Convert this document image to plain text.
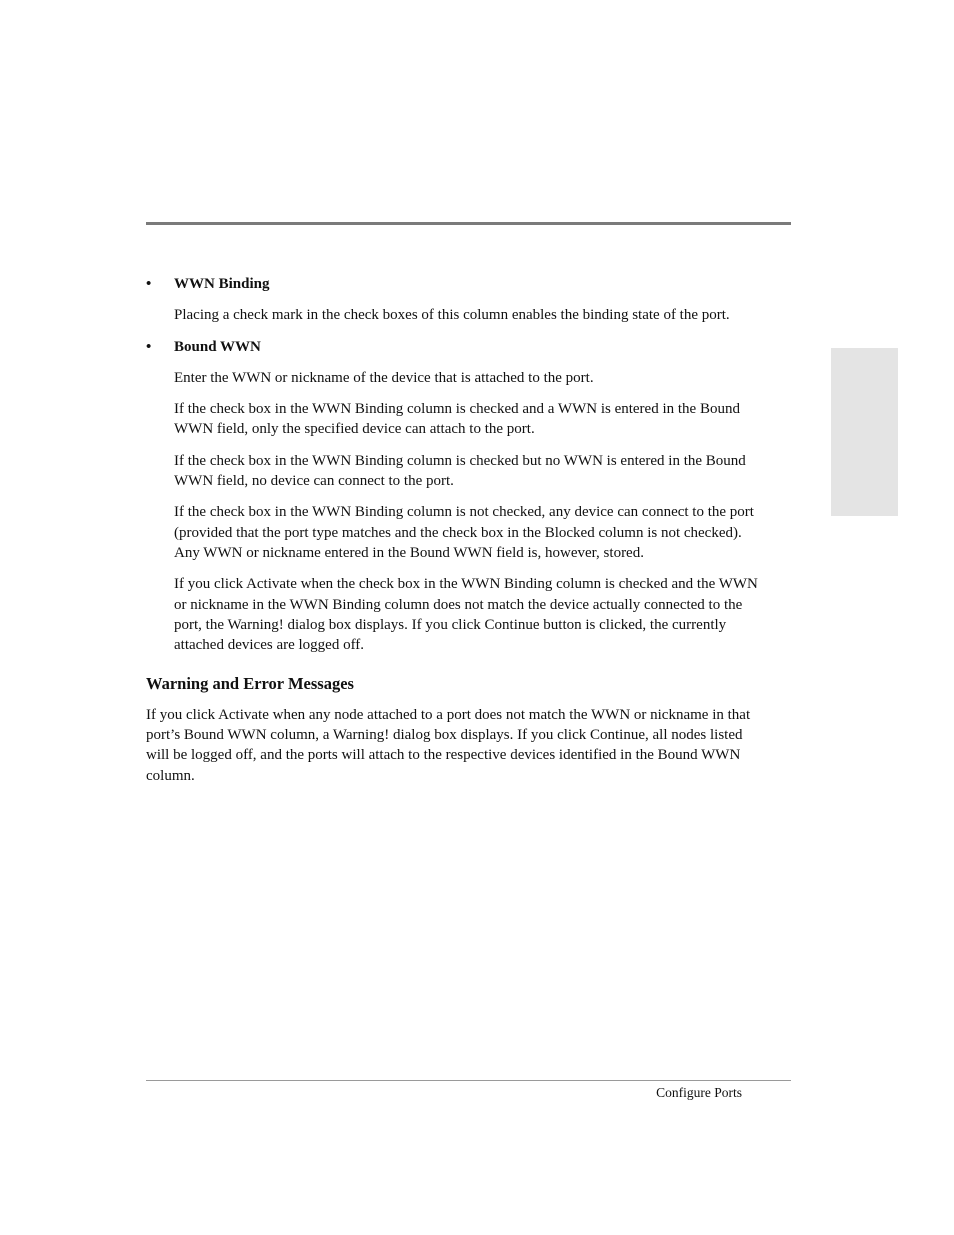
• WWN Binding

Placing a check mark in the check boxes of this column enables the binding state of the port.

• Bound WWN

Enter the WWN or nickname of the device that is attached to the port.

If the check box in the WWN Binding column is checked and a WWN is entered in the Bound WWN field, only the specified device can attach to the port.

If the check box in the WWN Binding column is checked but no WWN is entered in the Bound WWN field, no device can connect to the port.

If the check box in the WWN Binding column is not checked, any device can connect to the port (provided that the port type matches and the check box in the Blocked column is not checked). Any WWN or nickname entered in the Bound WWN field is, however, stored.

If you click Activate when the check box in the WWN Binding column is checked and the WWN or nickname in the WWN Binding column does not match the device actually connected to the port, the Warning! dialog box displays. If you click Continue button is clicked, the currently attached devices are logged off.

Warning and Error Messages

If you click Activate when any node attached to a port does not match the WWN or nickname in that port’s Bound WWN column, a Warning! dialog box displays. If you click Continue, all nodes listed will be logged off, and the ports will attach to the respective devices identified in the Bound WWN column.

Configure Ports
